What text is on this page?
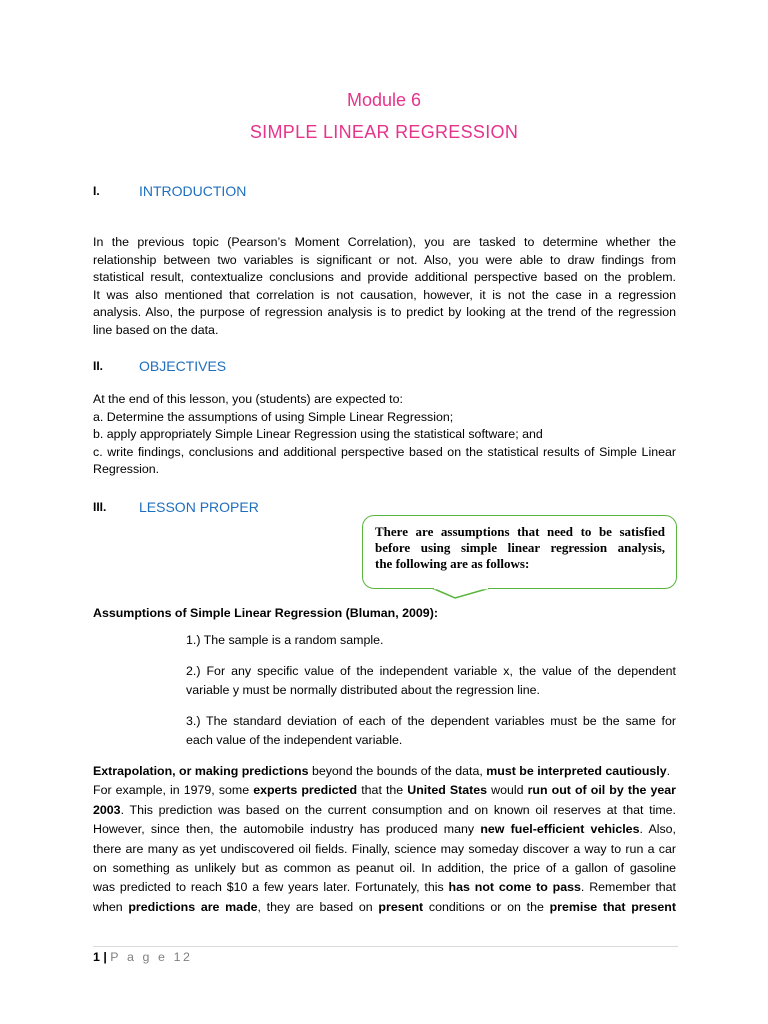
Module 6
SIMPLE LINEAR REGRESSION
I.	INTRODUCTION
In the previous topic (Pearson’s Moment Correlation), you are tasked to determine whether the
relationship between two variables is significant or not. Also, you were able to draw findings from
statistical result, contextualize conclusions and provide additional perspective based on the problem.
It was also mentioned that correlation is not causation, however, it is not the case in a regression
analysis. Also, the purpose of regression analysis is to predict by looking at the trend of the regression
line based on the data.
II.	OBJECTIVES
At the end of this lesson, you (students) are expected to:
a. Determine the assumptions of using Simple Linear Regression;
b. apply appropriately Simple Linear Regression using the statistical software; and
c. write findings, conclusions and additional perspective based on the statistical results of Simple Linear
Regression.
III. LESSON PROPER
There are assumptions that need to be satisfied
before using simple linear regression analysis,
the following are as follows:
Assumptions of Simple Linear Regression (Bluman, 2009):
1.) The sample is a random sample.
2.) For any specific value of the independent variable x, the value of the dependent
variable y must be normally distributed about the regression line.
3.) The standard deviation of each of the dependent variables must be the same for
each value of the independent variable.
Extrapolation, or making predictions beyond the bounds of the data, must be interpreted cautiously.
For example, in 1979, some experts predicted that the United States would run out of oil by the year
2003. This prediction was based on the current consumption and on known oil reserves at that time.
However, since then, the automobile industry has produced many new fuel-efficient vehicles. Also,
there are many as yet undiscovered oil fields. Finally, science may someday discover a way to run a car
on something as unlikely but as common as peanut oil. In addition, the price of a gallon of gasoline
was predicted to reach $10 a few years later. Fortunately, this has not come to pass. Remember that
when predictions are made, they are based on present conditions or on the premise that present
1 | P a g e 12
